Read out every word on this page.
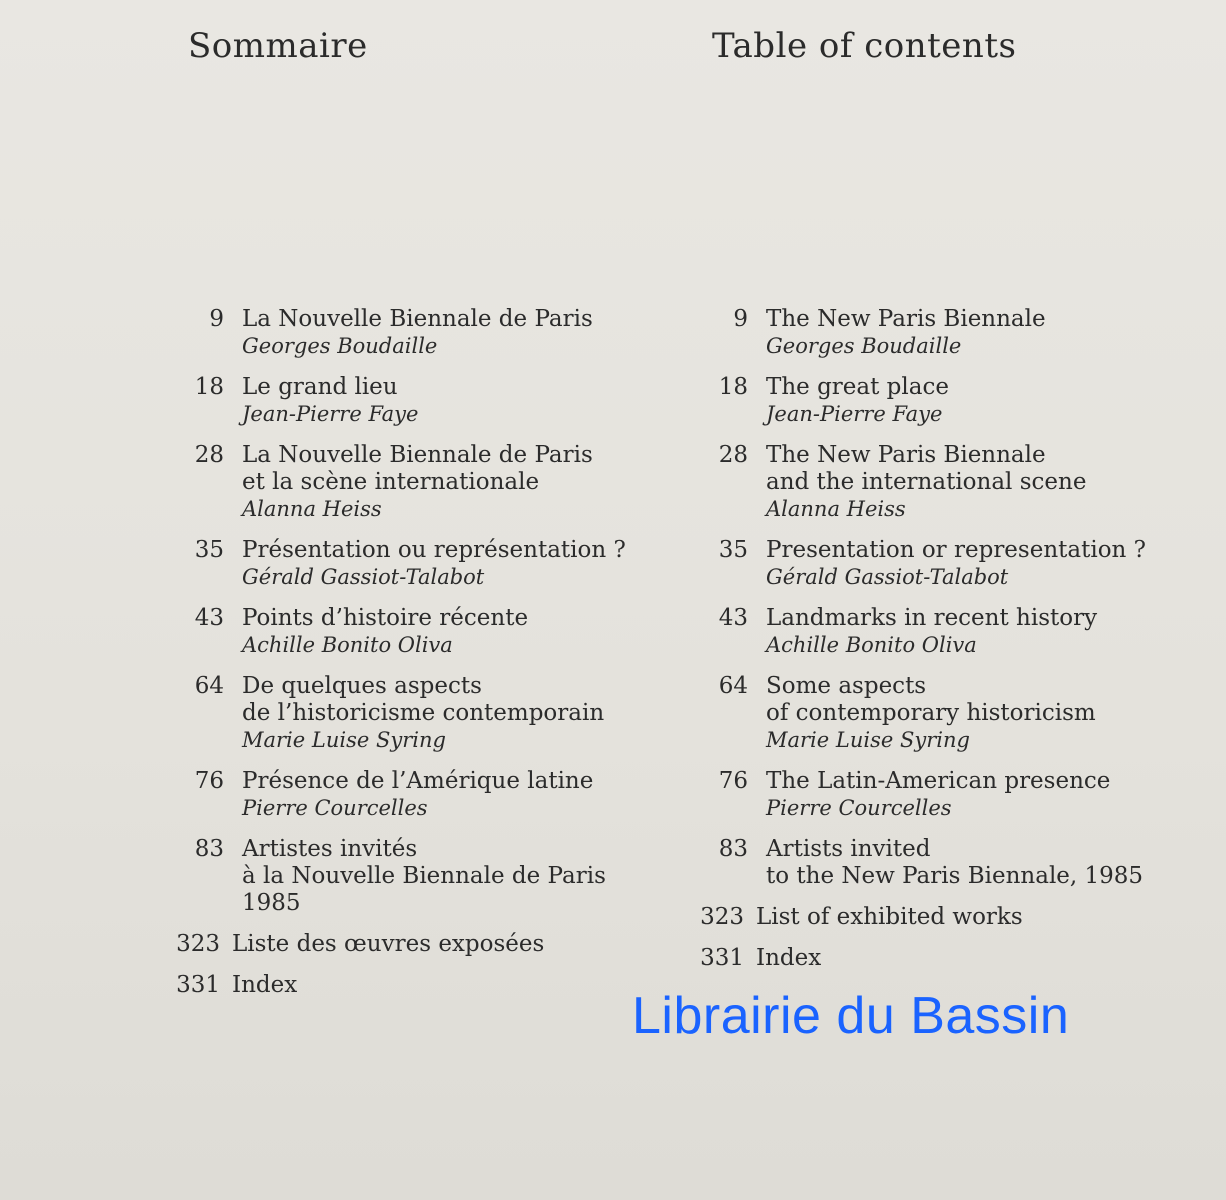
Sommaire	Table of contents
9 La Nouvelle Biennale de Paris
Georges Boudaille
18 Le grand lieu
Jean-Pierre Faye
28 La Nouvelle Biennale de Paris
et la scène internationale
Alanna Heiss
35 Présentation ou représentation ?
Gérald Gassiot-Talabot
43 Points d’histoire récente
Achille Bonito Oliva
64 De quelques aspects
de l’historicisme contemporain
Marie Luise Syring
76 Présence de l’Amérique latine
Pierre Courcelles
83 Artistes invités
à la Nouvelle Biennale de Paris 1985
323 Liste des œuvres exposées
331 Index
9 The New Paris Biennale
Georges Boudaille
18 The great place
Jean-Pierre Faye
28 The New Paris Biennale
and the international scene
Alanna Heiss
35 Presentation or representation ?
Gérald Gassiot-Talabot
43 Landmarks in recent history
Achille Bonito Oliva
64 Some aspects
of contemporary historicism
Marie Luise Syring
76 The Latin-American presence
Pierre Courcelles
83 Artists invited
to the New Paris Biennale, 1985
323 List of exhibited works
331 Index
Librairie du Bassin
